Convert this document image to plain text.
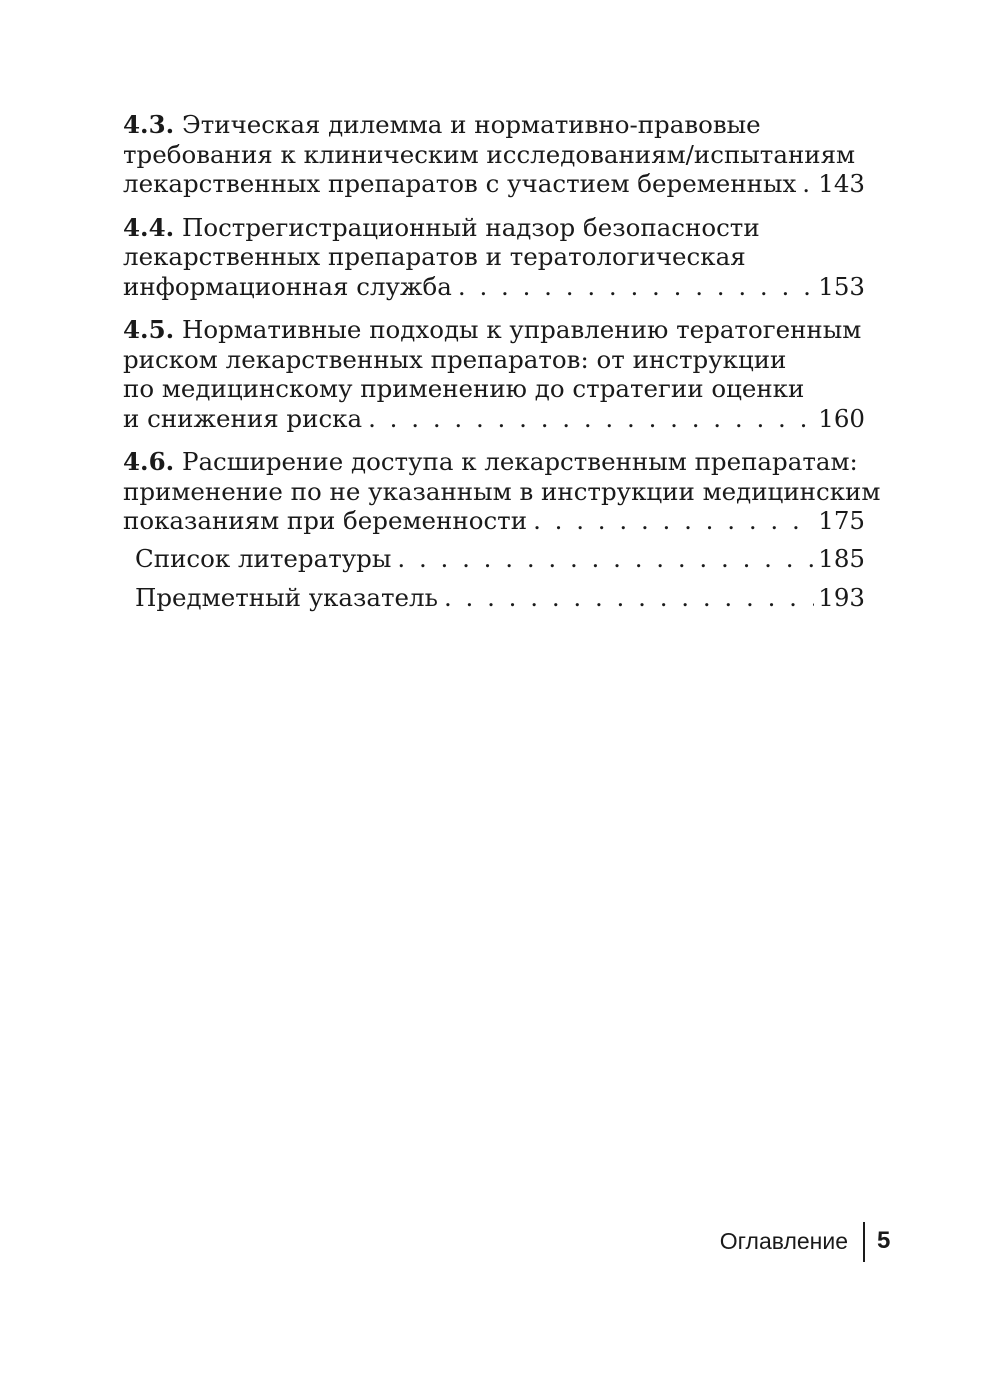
4.3. Этическая дилемма и нормативно-правовые
требования к клиническим исследованиям/испытаниям
лекарственных препаратов с участием беременных . . . 143
4.4. Пострегистрационный надзор безопасности
лекарственных препаратов и тератологическая
информационная служба . . .	153
4.5. Нормативные подходы к управлению тератогенным
риском лекарственных препаратов: от инструкции
по медицинскому применению до стратегии оценки
и снижения риска . . .	160
4.6. Расширение доступа к лекарственным препаратам:
применение по не указанным в инструкции медицинским
показаниям при беременности . . .	175
Список литературы . . .	185
Предметный указатель . . .	193
Оглавление 5
